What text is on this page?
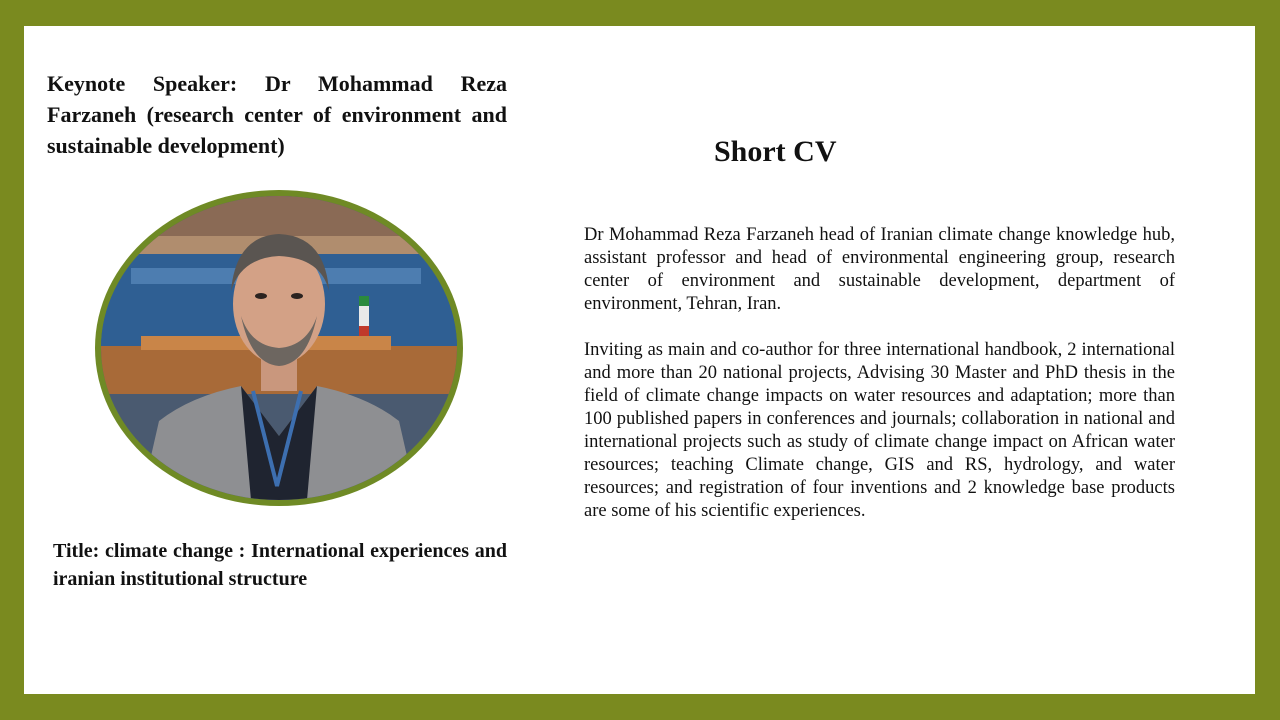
Keynote Speaker: Dr Mohammad Reza Farzaneh (research center of environment and sustainable development)
Title: climate change : International experiences and iranian institutional structure
Short CV

Dr Mohammad Reza Farzaneh head of Iranian climate change knowledge hub, assistant professor and head of environmental engineering group, research center of environment and sustainable development, department of environment, Tehran, Iran.

Inviting as main and co-author for three international handbook, 2 international and more than 20 national projects, Advising 30 Master and PhD thesis in the field of climate change impacts on water resources and adaptation; more than 100 published papers in conferences and journals; collaboration in national and international projects such as study of climate change impact on African water resources; teaching Climate change, GIS and RS, hydrology, and water resources; and registration of four inventions and 2 knowledge base products are some of his scientific experiences.
